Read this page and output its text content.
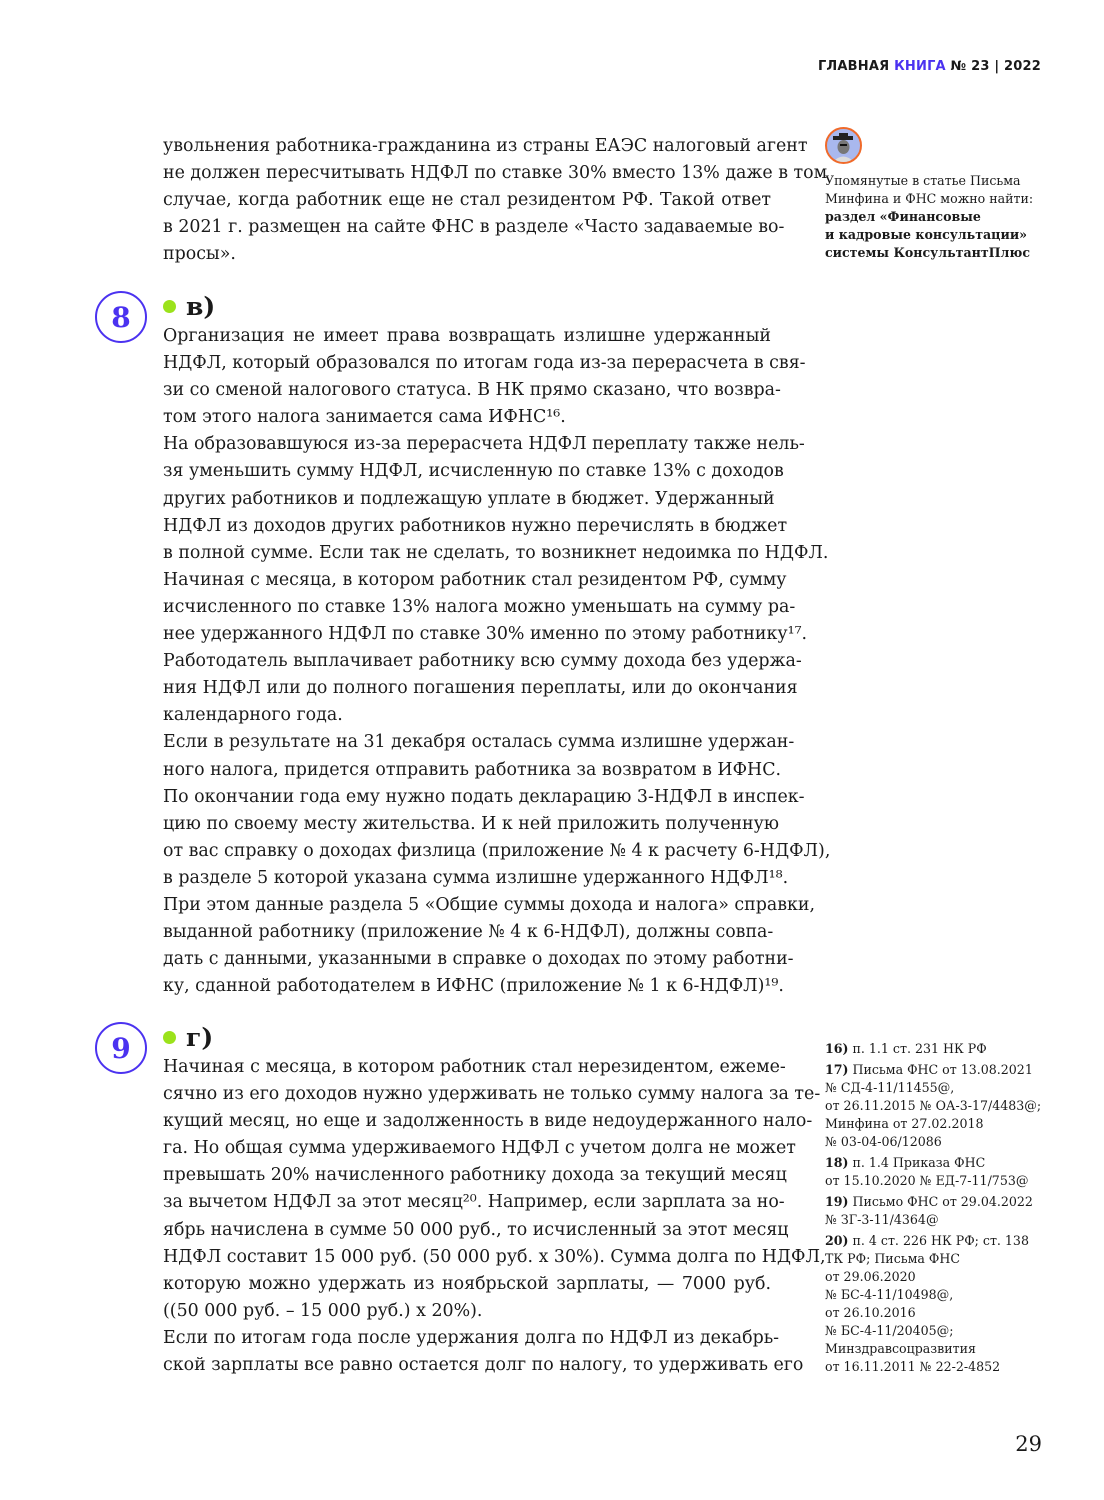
ГЛАВНАЯ КНИГА № 23 | 2022
увольнения работника-гражданина из страны ЕАЭС налоговый агент
не должен пересчитывать НДФЛ по ставке 30% вместо 13% даже в том
случае, когда работник еще не стал резидентом РФ. Такой ответ
в 2021 г. размещен на сайте ФНС в разделе «Часто задаваемые во-
просы».
8 в)
Организация не имеет права возвращать излишне удержанный
НДФЛ, который образовался по итогам года из-за перерасчета в свя-
зи со сменой налогового статуса. В НК прямо сказано, что возвра-
том этого налога занимается сама ИФНС¹⁶.
На образовавшуюся из-за перерасчета НДФЛ переплату также нель-
зя уменьшить сумму НДФЛ, исчисленную по ставке 13% с доходов
других работников и подлежащую уплате в бюджет. Удержанный
НДФЛ из доходов других работников нужно перечислять в бюджет
в полной сумме. Если так не сделать, то возникнет недоимка по НДФЛ.
Начиная с месяца, в котором работник стал резидентом РФ, сумму
исчисленного по ставке 13% налога можно уменьшать на сумму ра-
нее удержанного НДФЛ по ставке 30% именно по этому работнику¹⁷.
Работодатель выплачивает работнику всю сумму дохода без удержа-
ния НДФЛ или до полного погашения переплаты, или до окончания
календарного года.
Если в результате на 31 декабря осталась сумма излишне удержан-
ного налога, придется отправить работника за возвратом в ИФНС.
По окончании года ему нужно подать декларацию 3-НДФЛ в инспек-
цию по своему месту жительства. И к ней приложить полученную
от вас справку о доходах физлица (приложение № 4 к расчету 6-НДФЛ),
в разделе 5 которой указана сумма излишне удержанного НДФЛ¹⁸.
При этом данные раздела 5 «Общие суммы дохода и налога» справки,
выданной работнику (приложение № 4 к 6-НДФЛ), должны совпа-
дать с данными, указанными в справке о доходах по этому работни-
ку, сданной работодателем в ИФНС (приложение № 1 к 6-НДФЛ)¹⁹.
9 г)
Начиная с месяца, в котором работник стал нерезидентом, ежеме-
сячно из его доходов нужно удерживать не только сумму налога за те-
кущий месяц, но еще и задолженность в виде недоудержанного нало-
га. Но общая сумма удерживаемого НДФЛ с учетом долга не может
превышать 20% начисленного работнику дохода за текущий месяц
за вычетом НДФЛ за этот месяц²⁰. Например, если зарплата за но-
ябрь начислена в сумме 50 000 руб., то исчисленный за этот месяц
НДФЛ составит 15 000 руб. (50 000 руб. х 30%). Сумма долга по НДФЛ,
которую можно удержать из ноябрьской зарплаты, — 7000 руб.
((50 000 руб. – 15 000 руб.) х 20%).
Если по итогам года после удержания долга по НДФЛ из декабрь-
ской зарплаты все равно остается долг по налогу, то удерживать его
Упомянутые в статье Письма
Минфина и ФНС можно найти:
раздел «Финансовые
и кадровые консультации»
системы КонсультантПлюс
16) п. 1.1 ст. 231 НК РФ
17) Письма ФНС от 13.08.2021
№ СД-4-11/11455@,
от 26.11.2015 № ОА-3-17/4483@;
Минфина от 27.02.2018
№ 03-04-06/12086
18) п. 1.4 Приказа ФНС
от 15.10.2020 № ЕД-7-11/753@
19) Письмо ФНС от 29.04.2022
№ ЗГ-3-11/4364@
20) п. 4 ст. 226 НК РФ; ст. 138
ТК РФ; Письма ФНС
от 29.06.2020
№ БС-4-11/10498@,
от 26.10.2016
№ БС-4-11/20405@;
Минздравсоцразвития
от 16.11.2011 № 22-2-4852
29
